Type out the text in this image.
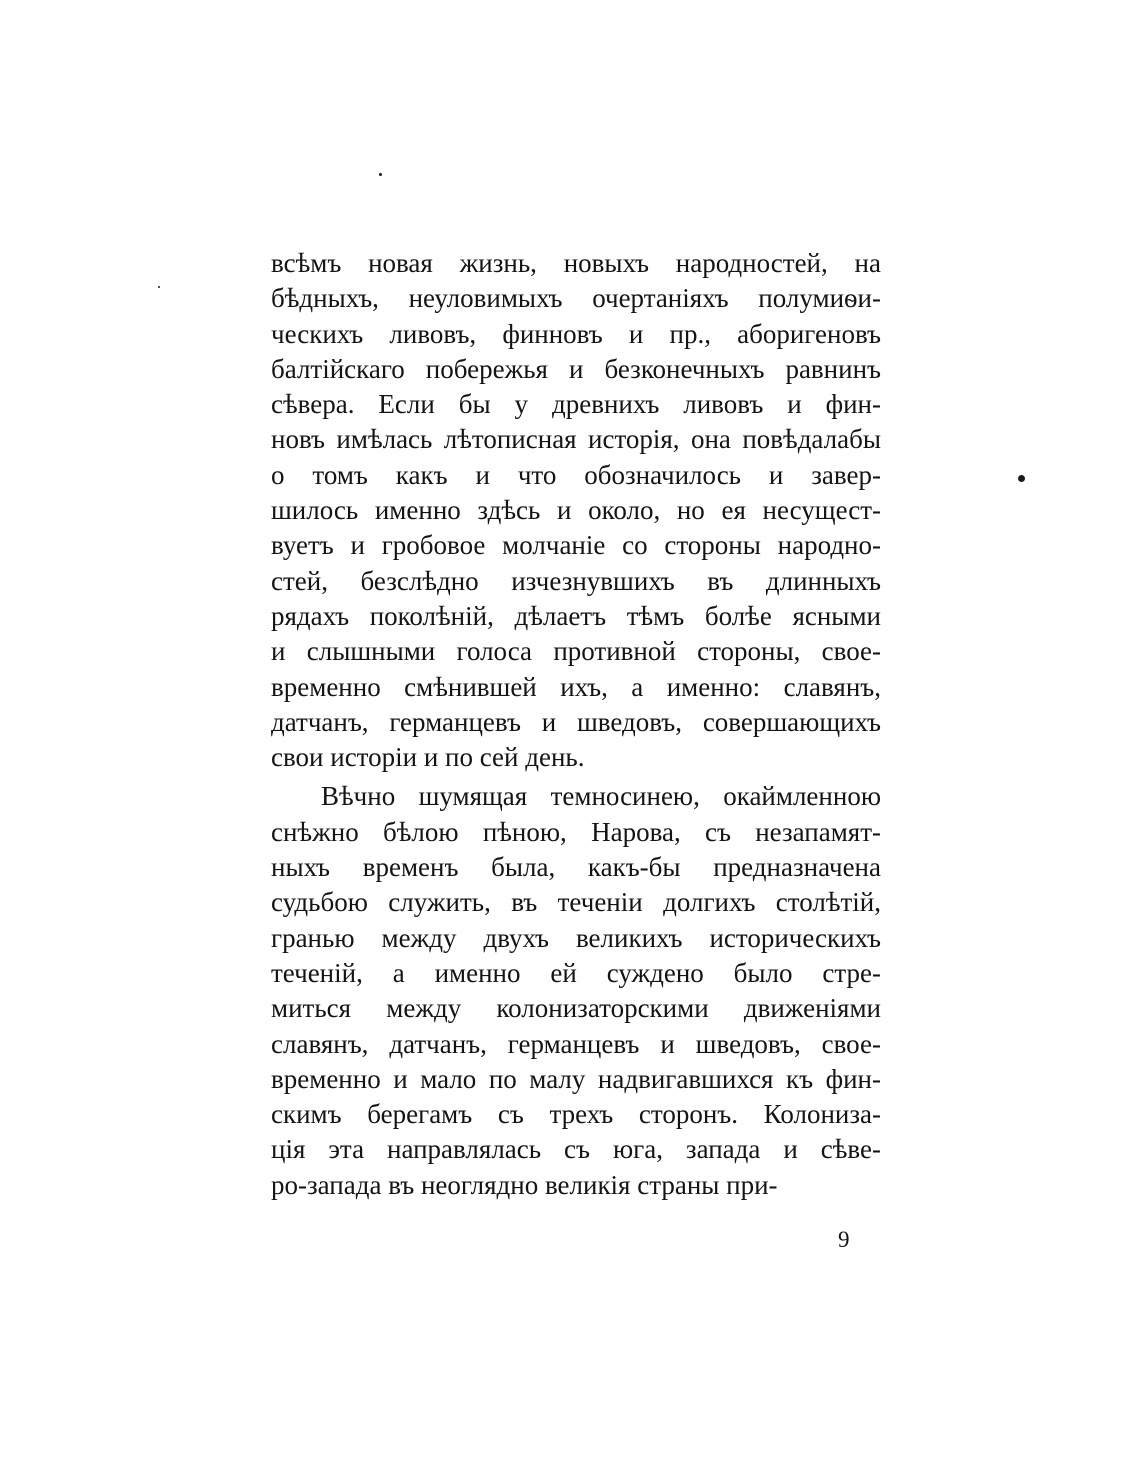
всѣмъ новая жизнь, новыхъ народностей, на
бѣдныхъ, неуловимыхъ очертаніяхъ полумиѳи-
ческихъ ливовъ, финновъ и пр., аборигеновъ
балтійскаго побережья и безконечныхъ равнинъ
сѣвера. Если бы у древнихъ ливовъ и фин-
новъ имѣлась лѣтописная исторія, она повѣдалабы
о томъ какъ и что обозначилось и завер-
шилось именно здѣсь и около, но ея несущест-
вуетъ и гробовое молчаніе со стороны народно-
стей, безслѣдно изчезнувшихъ въ длинныхъ
рядахъ поколѣній, дѣлаетъ тѣмъ болѣе ясными
и слышными голоса противной стороны, свое-
временно смѣнившей ихъ, а именно: славянъ,
датчанъ, германцевъ и шведовъ, совершающихъ
свои исторіи и по сей день.
Вѣчно шумящая темносинею, окаймленною
снѣжно бѣлою пѣною, Нарова, съ незапамят-
ныхъ временъ была, какъ-бы предназначена
судьбою служить, въ теченіи долгихъ столѣтій,
гранью между двухъ великихъ историческихъ
теченій, а именно ей суждено было стре-
миться между колонизаторскими движеніями
славянъ, датчанъ, германцевъ и шведовъ, свое-
временно и мало по малу надвигавшихся къ фин-
скимъ берегамъ съ трехъ сторонъ. Колониза-
ція эта направлялась съ юга, запада и сѣве-
ро-запада въ неоглядно великія страны при-
9
